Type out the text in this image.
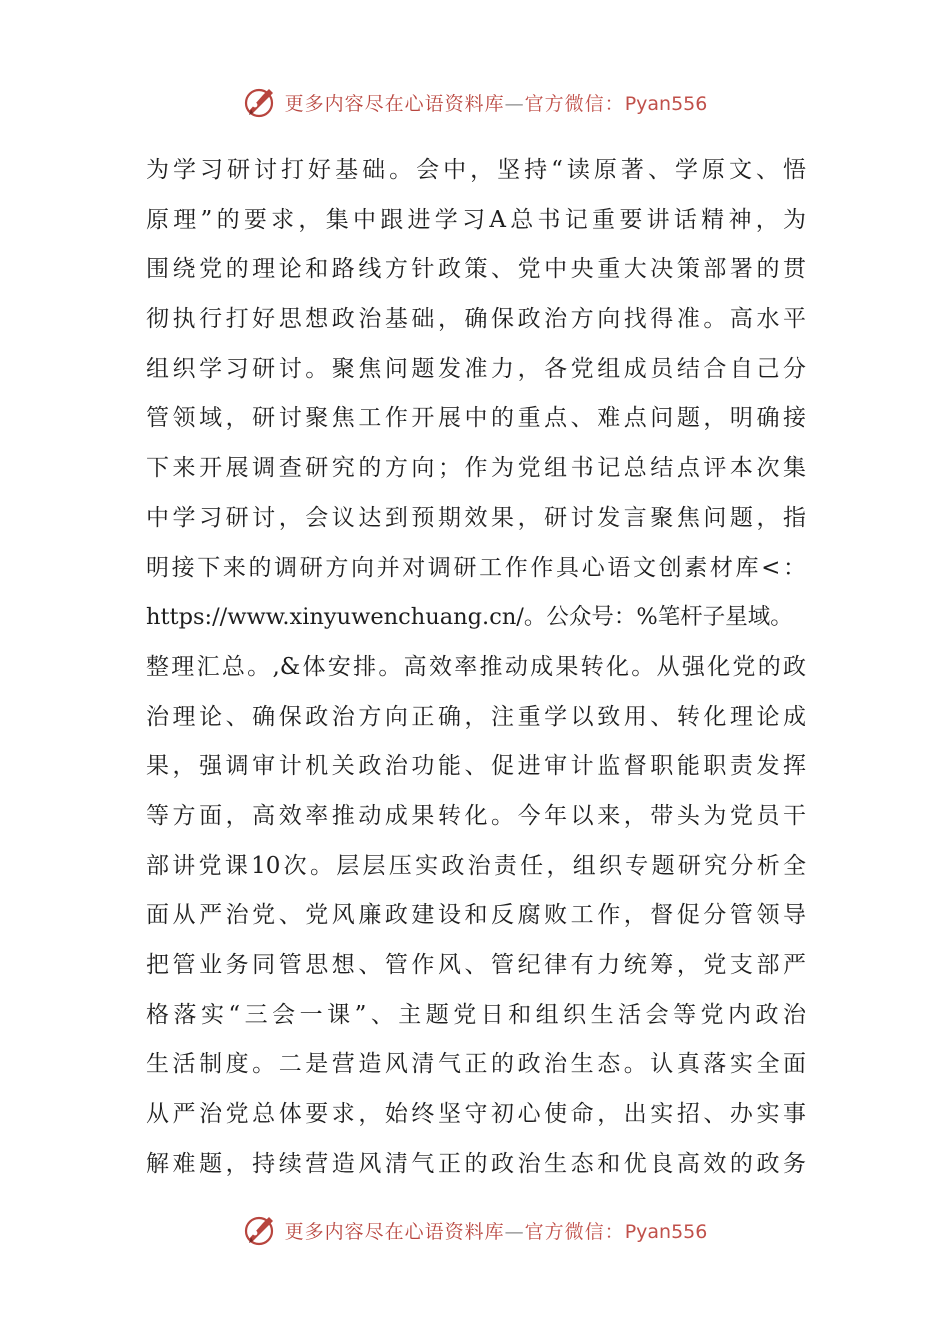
更多内容尽在心语资料库—官方微信：Pyan556
为学习研讨打好基础。会中，坚持“读原著、学原文、悟
原理”的要求，集中跟进学习A总书记重要讲话精神，为
围绕党的理论和路线方针政策、党中央重大决策部署的贯
彻执行打好思想政治基础，确保政治方向找得准。高水平
组织学习研讨。聚焦问题发准力，各党组成员结合自己分
管领域，研讨聚焦工作开展中的重点、难点问题，明确接
下来开展调查研究的方向；作为党组书记总结点评本次集
中学习研讨，会议达到预期效果，研讨发言聚焦问题，指
明接下来的调研方向并对调研工作作具心语文创素材库<：
https://www.xinyuwenchuang.cn/。公众号：%笔杆子星域。
整理汇总。,&体安排。高效率推动成果转化。从强化党的政
治理论、确保政治方向正确，注重学以致用、转化理论成
果，强调审计机关政治功能、促进审计监督职能职责发挥
等方面，高效率推动成果转化。今年以来，带头为党员干
部讲党课10次。层层压实政治责任，组织专题研究分析全
面从严治党、党风廉政建设和反腐败工作，督促分管领导
把管业务同管思想、管作风、管纪律有力统筹，党支部严
格落实“三会一课”、主题党日和组织生活会等党内政治
生活制度。二是营造风清气正的政治生态。认真落实全面
从严治党总体要求，始终坚守初心使命，出实招、办实事
解难题，持续营造风清气正的政治生态和优良高效的政务
更多内容尽在心语资料库—官方微信：Pyan556
